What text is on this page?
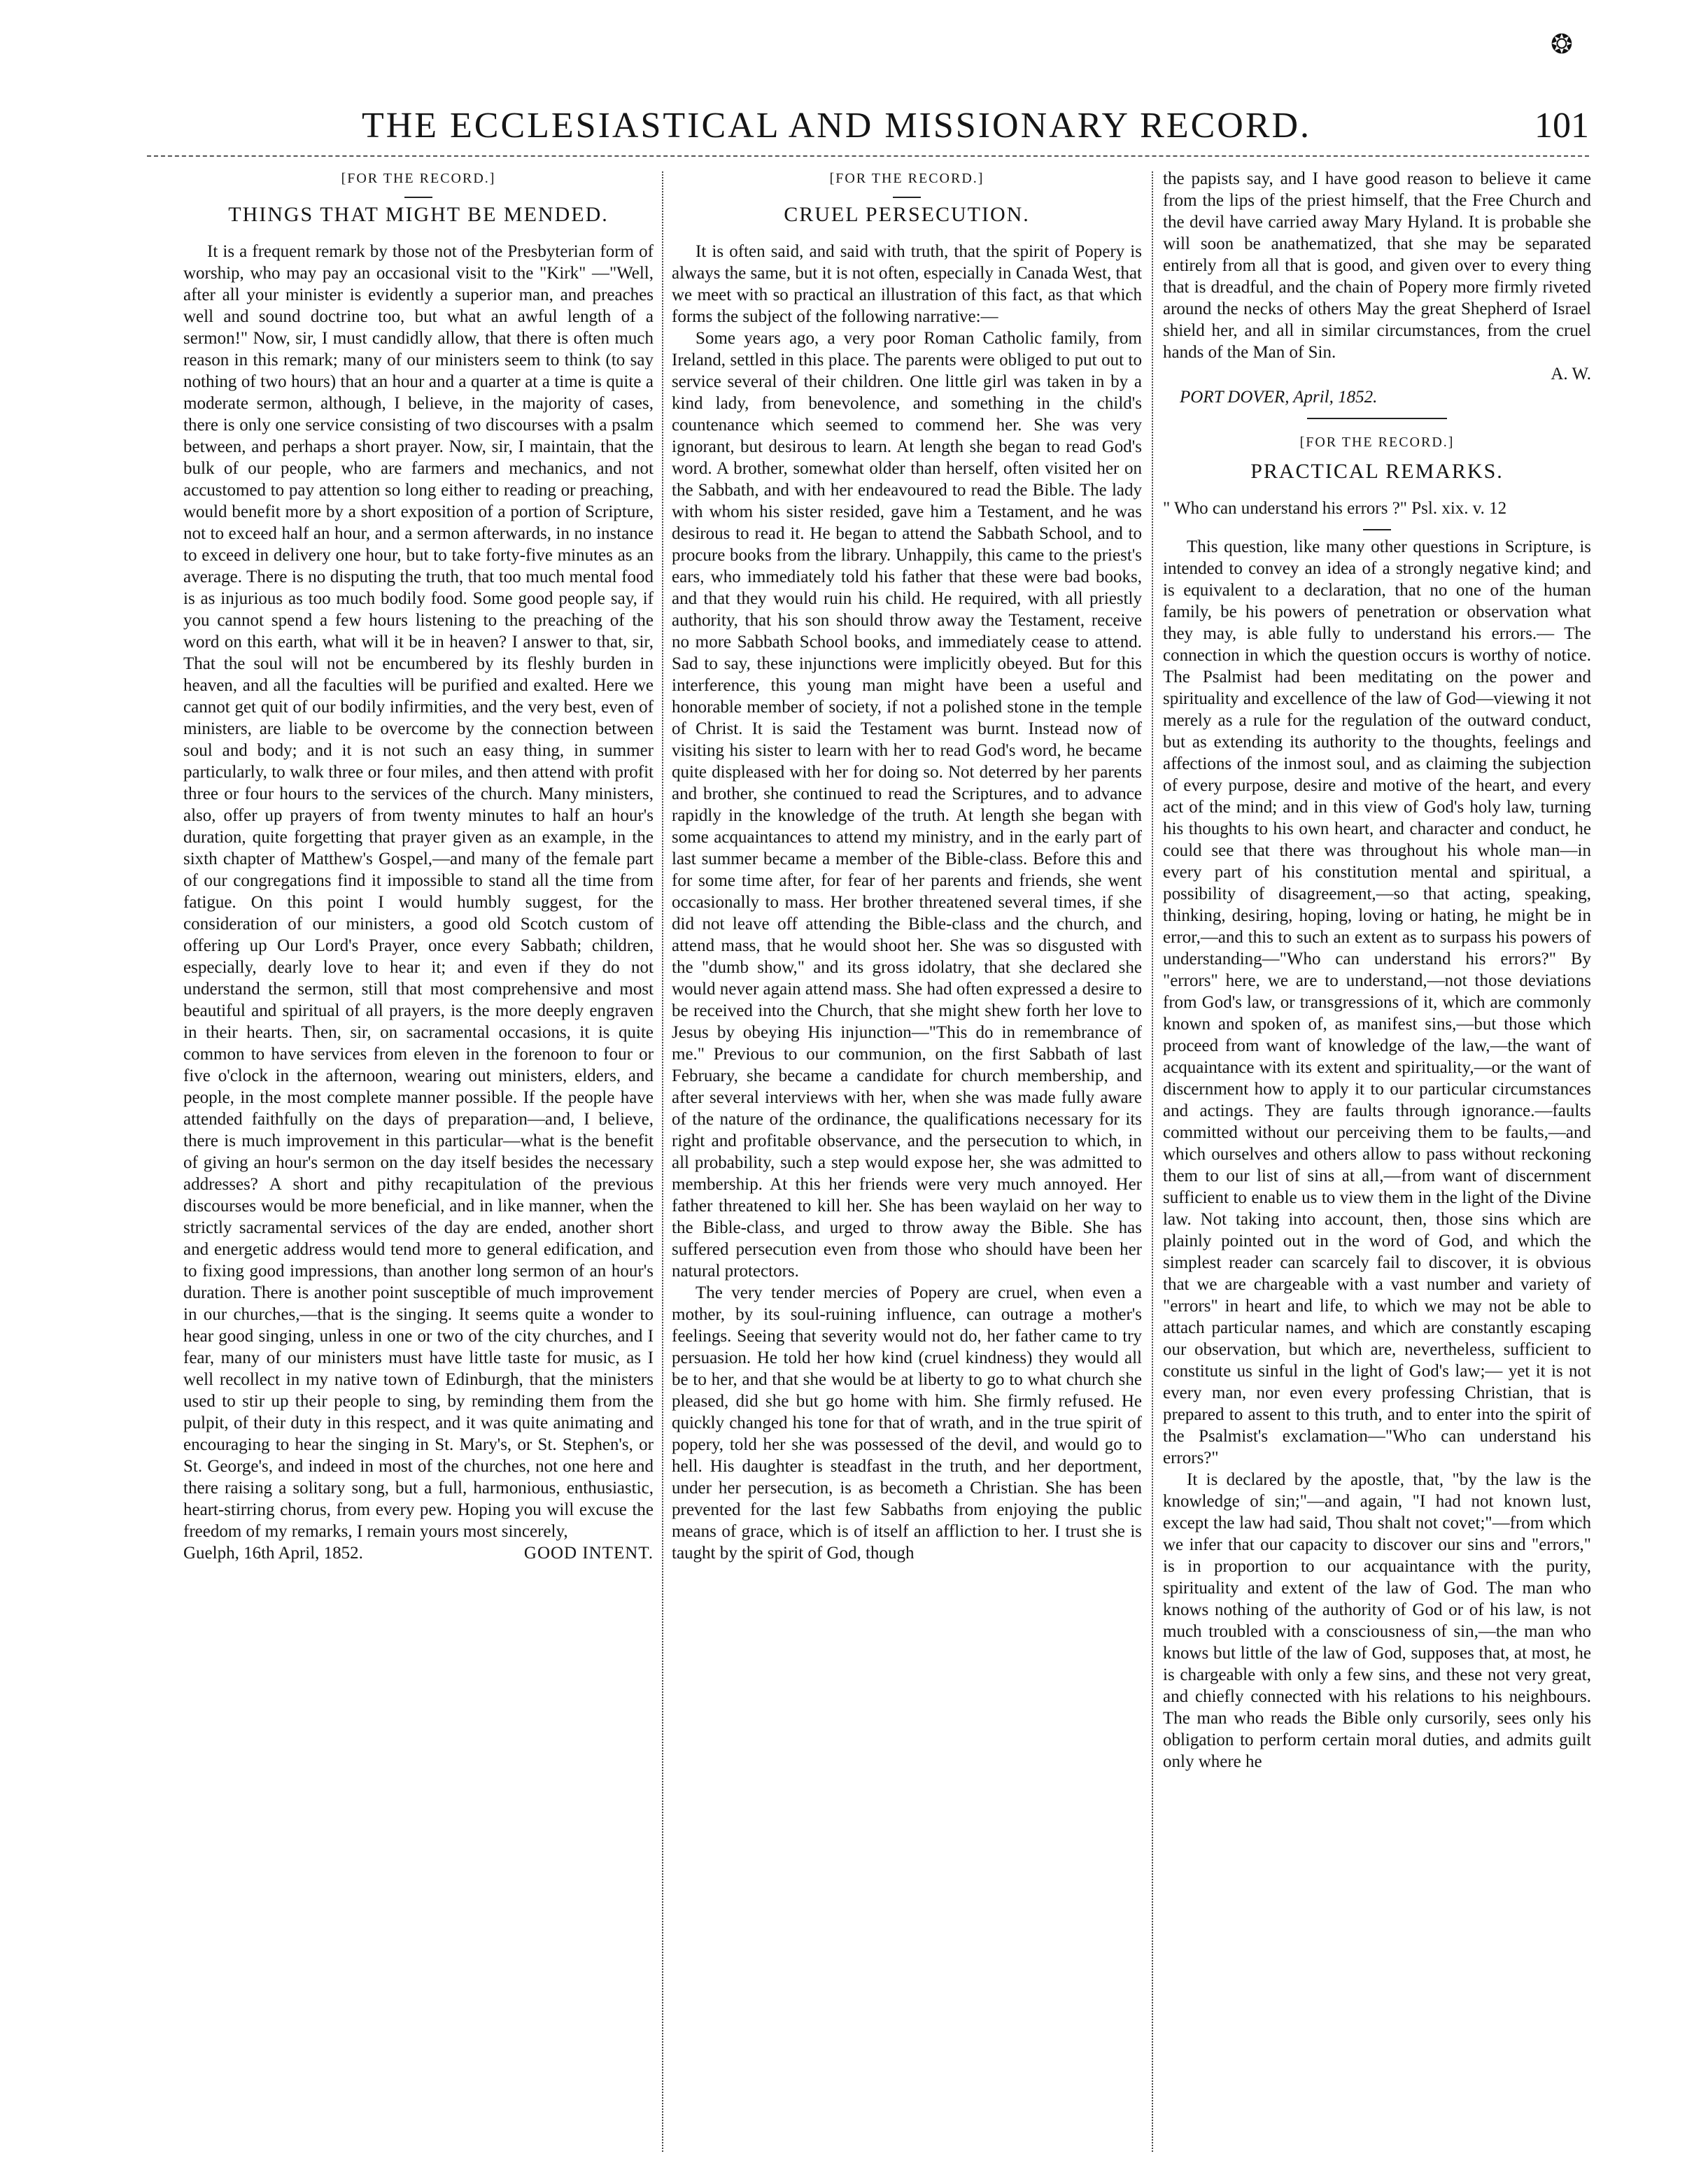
❂
THE ECCLESIASTICAL AND MISSIONARY RECORD.	101
[FOR THE RECORD.]
THINGS THAT MIGHT BE MENDED.

It is a frequent remark by those not of the Presbyterian form of worship, who may pay an occasional visit to the "Kirk" —"Well, after all your minister is evidently a superior man, and preaches well and sound doctrine too, but what an awful length of a sermon!" Now, sir, I must candidly allow, that there is often much reason in this remark; many of our ministers seem to think (to say nothing of two hours) that an hour and a quarter at a time is quite a moderate sermon, although, I believe, in the majority of cases, there is only one service consisting of two discourses with a psalm between, and perhaps a short prayer. Now, sir, I maintain, that the bulk of our people, who are farmers and mechanics, and not accustomed to pay attention so long either to reading or preaching, would benefit more by a short exposition of a portion of Scripture, not to exceed half an hour, and a sermon afterwards, in no instance to exceed in delivery one hour, but to take forty-five minutes as an average. There is no disputing the truth, that too much mental food is as injurious as too much bodily food. Some good people say, if you cannot spend a few hours listening to the preaching of the word on this earth, what will it be in heaven? I answer to that, sir, That the soul will not be encumbered by its fleshly burden in heaven, and all the faculties will be purified and exalted. Here we cannot get quit of our bodily infirmities, and the very best, even of ministers, are liable to be overcome by the connection between soul and body; and it is not such an easy thing, in summer particularly, to walk three or four miles, and then attend with profit three or four hours to the services of the church. Many ministers, also, offer up prayers of from twenty minutes to half an hour's duration, quite forgetting that prayer given as an example, in the sixth chapter of Matthew's Gospel,—and many of the female part of our congregations find it impossible to stand all the time from fatigue. On this point I would humbly suggest, for the consideration of our ministers, a good old Scotch custom of offering up Our Lord's Prayer, once every Sabbath; children, especially, dearly love to hear it; and even if they do not understand the sermon, still that most comprehensive and most beautiful and spiritual of all prayers, is the more deeply engraven in their hearts. Then, sir, on sacramental occasions, it is quite common to have services from eleven in the forenoon to four or five o'clock in the afternoon, wearing out ministers, elders, and people, in the most complete manner possible. If the people have attended faithfully on the days of preparation—and, I believe, there is much improvement in this particular—what is the benefit of giving an hour's sermon on the day itself besides the necessary addresses? A short and pithy recapitulation of the previous discourses would be more beneficial, and in like manner, when the strictly sacramental services of the day are ended, another short and energetic address would tend more to general edification, and to fixing good impressions, than another long sermon of an hour's duration. There is another point susceptible of much improvement in our churches,—that is the singing. It seems quite a wonder to hear good singing, unless in one or two of the city churches, and I fear, many of our ministers must have little taste for music, as I well recollect in my native town of Edinburgh, that the ministers used to stir up their people to sing, by reminding them from the pulpit, of their duty in this respect, and it was quite animating and encouraging to hear the singing in St. Mary's, or St. Stephen's, or St. George's, and indeed in most of the churches, not one here and there raising a solitary song, but a full, harmonious, enthusiastic, heart-stirring chorus, from every pew. Hoping you will excuse the freedom of my remarks, I remain yours most sincerely,

Guelph, 16th April, 1852.	GOOD INTENT.
[FOR THE RECORD.]
CRUEL PERSECUTION.

It is often said, and said with truth, that the spirit of Popery is always the same, but it is not often, especially in Canada West, that we meet with so practical an illustration of this fact, as that which forms the subject of the following narrative:—

Some years ago, a very poor Roman Catholic family, from Ireland, settled in this place. The parents were obliged to put out to service several of their children. One little girl was taken in by a kind lady, from benevolence, and something in the child's countenance which seemed to commend her. She was very ignorant, but desirous to learn. At length she began to read God's word. A brother, somewhat older than herself, often visited her on the Sabbath, and with her endeavoured to read the Bible. The lady with whom his sister resided, gave him a Testament, and he was desirous to read it. He began to attend the Sabbath School, and to procure books from the library. Unhappily, this came to the priest's ears, who immediately told his father that these were bad books, and that they would ruin his child. He required, with all priestly authority, that his son should throw away the Testament, receive no more Sabbath School books, and immediately cease to attend. Sad to say, these injunctions were implicitly obeyed. But for this interference, this young man might have been a useful and honorable member of society, if not a polished stone in the temple of Christ. It is said the Testament was burnt. Instead now of visiting his sister to learn with her to read God's word, he became quite displeased with her for doing so. Not deterred by her parents and brother, she continued to read the Scriptures, and to advance rapidly in the knowledge of the truth. At length she began with some acquaintances to attend my ministry, and in the early part of last summer became a member of the Bible-class. Before this and for some time after, for fear of her parents and friends, she went occasionally to mass. Her brother threatened several times, if she did not leave off attending the Bible-class and the church, and attend mass, that he would shoot her. She was so disgusted with the "dumb show," and its gross idolatry, that she declared she would never again attend mass. She had often expressed a desire to be received into the Church, that she might shew forth her love to Jesus by obeying His injunction—"This do in remembrance of me." Previous to our communion, on the first Sabbath of last February, she became a candidate for church membership, and after several interviews with her, when she was made fully aware of the nature of the ordinance, the qualifications necessary for its right and profitable observance, and the persecution to which, in all probability, such a step would expose her, she was admitted to membership. At this her friends were very much annoyed. Her father threatened to kill her. She has been waylaid on her way to the Bible-class, and urged to throw away the Bible. She has suffered persecution even from those who should have been her natural protectors.

The very tender mercies of Popery are cruel, when even a mother, by its soul-ruining influence, can outrage a mother's feelings. Seeing that severity would not do, her father came to try persuasion. He told her how kind (cruel kindness) they would all be to her, and that she would be at liberty to go to what church she pleased, did she but go home with him. She firmly refused. He quickly changed his tone for that of wrath, and in the true spirit of popery, told her she was possessed of the devil, and would go to hell. His daughter is steadfast in the truth, and her deportment, under her persecution, is as becometh a Christian. She has been prevented for the last few Sabbaths from enjoying the public means of grace, which is of itself an affliction to her. I trust she is taught by the spirit of God, though

the papists say, and I have good reason to believe it came from the lips of the priest himself, that the Free Church and the devil have carried away Mary Hyland. It is probable she will soon be anathematized, that she may be separated entirely from all that is good, and given over to every thing that is dreadful, and the chain of Popery more firmly riveted around the necks of others May the great Shepherd of Israel shield her, and all in similar circumstances, from the cruel hands of the Man of Sin.

A. W.
PORT DOVER, April, 1852.
[FOR THE RECORD.]
PRACTICAL REMARKS.
" Who can understand his errors ?" Psl. xix. v. 12

This question, like many other questions in Scripture, is intended to convey an idea of a strongly negative kind; and is equivalent to a declaration, that no one of the human family, be his powers of penetration or observation what they may, is able fully to understand his errors.— The connection in which the question occurs is worthy of notice. The Psalmist had been meditating on the power and spirituality and excellence of the law of God—viewing it not merely as a rule for the regulation of the outward conduct, but as extending its authority to the thoughts, feelings and affections of the inmost soul, and as claiming the subjection of every purpose, desire and motive of the heart, and every act of the mind; and in this view of God's holy law, turning his thoughts to his own heart, and character and conduct, he could see that there was throughout his whole man—in every part of his constitution mental and spiritual, a possibility of disagreement,—so that acting, speaking, thinking, desiring, hoping, loving or hating, he might be in error,—and this to such an extent as to surpass his powers of understanding—"Who can understand his errors?" By "errors" here, we are to understand,—not those deviations from God's law, or transgressions of it, which are commonly known and spoken of, as manifest sins,—but those which proceed from want of knowledge of the law,—the want of acquaintance with its extent and spirituality,—or the want of discernment how to apply it to our particular circumstances and actings. They are faults through ignorance.—faults committed without our perceiving them to be faults,—and which ourselves and others allow to pass without reckoning them to our list of sins at all,—from want of discernment sufficient to enable us to view them in the light of the Divine law. Not taking into account, then, those sins which are plainly pointed out in the word of God, and which the simplest reader can scarcely fail to discover, it is obvious that we are chargeable with a vast number and variety of "errors" in heart and life, to which we may not be able to attach particular names, and which are constantly escaping our observation, but which are, nevertheless, sufficient to constitute us sinful in the light of God's law;— yet it is not every man, nor even every professing Christian, that is prepared to assent to this truth, and to enter into the spirit of the Psalmist's exclamation—"Who can understand his errors?"

It is declared by the apostle, that, "by the law is the knowledge of sin;"—and again, "I had not known lust, except the law had said, Thou shalt not covet;"—from which we infer that our capacity to discover our sins and "errors," is in proportion to our acquaintance with the purity, spirituality and extent of the law of God. The man who knows nothing of the authority of God or of his law, is not much troubled with a consciousness of sin,—the man who knows but little of the law of God, supposes that, at most, he is chargeable with only a few sins, and these not very great, and chiefly connected with his relations to his neighbours. The man who reads the Bible only cursorily, sees only his obligation to perform certain moral duties, and admits guilt only where he
